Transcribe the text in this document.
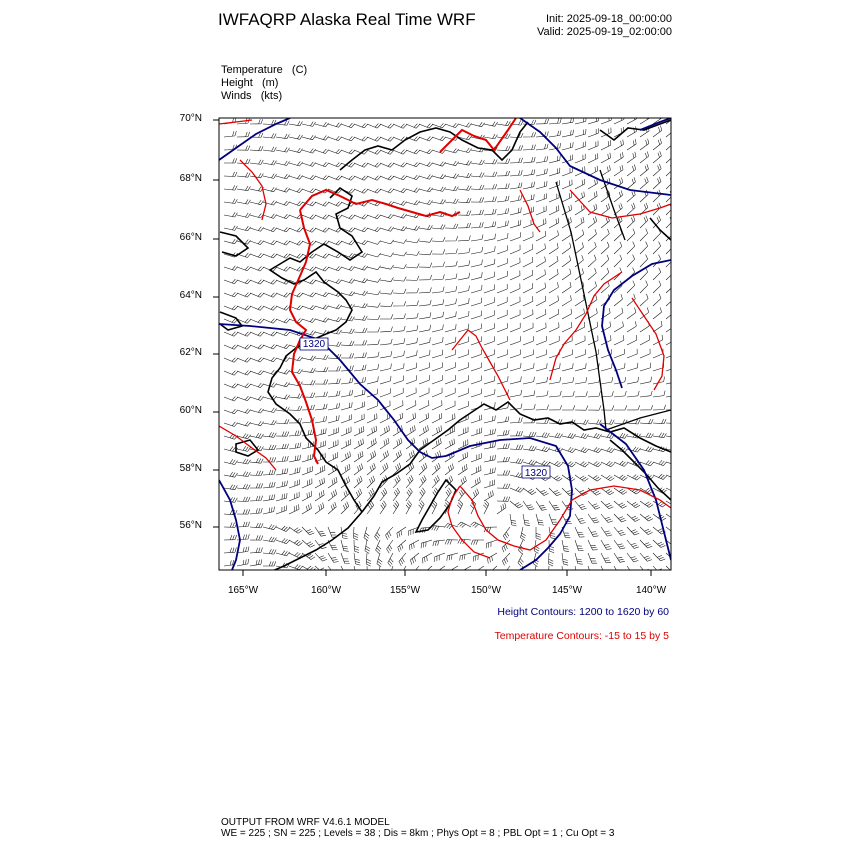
IWFAQRP Alaska Real Time WRF	Init: 2025-09-18_00:00:00
Valid: 2025-09-19_02:00:00
Temperature   (C)
Height   (m)
Winds   (kts)
70°N
68°N
66°N
64°N
62°N
60°N
58°N
56°N
165°W	160°W	155°W	150°W	145°W	140°W
1320
1320
Height Contours: 1200 to 1620 by 60
Temperature Contours: -15 to 15 by 5
OUTPUT FROM WRF V4.6.1 MODEL
WE = 225 ; SN = 225 ; Levels = 38 ; Dis = 8km ; Phys Opt = 8 ; PBL Opt = 1 ; Cu Opt = 3
